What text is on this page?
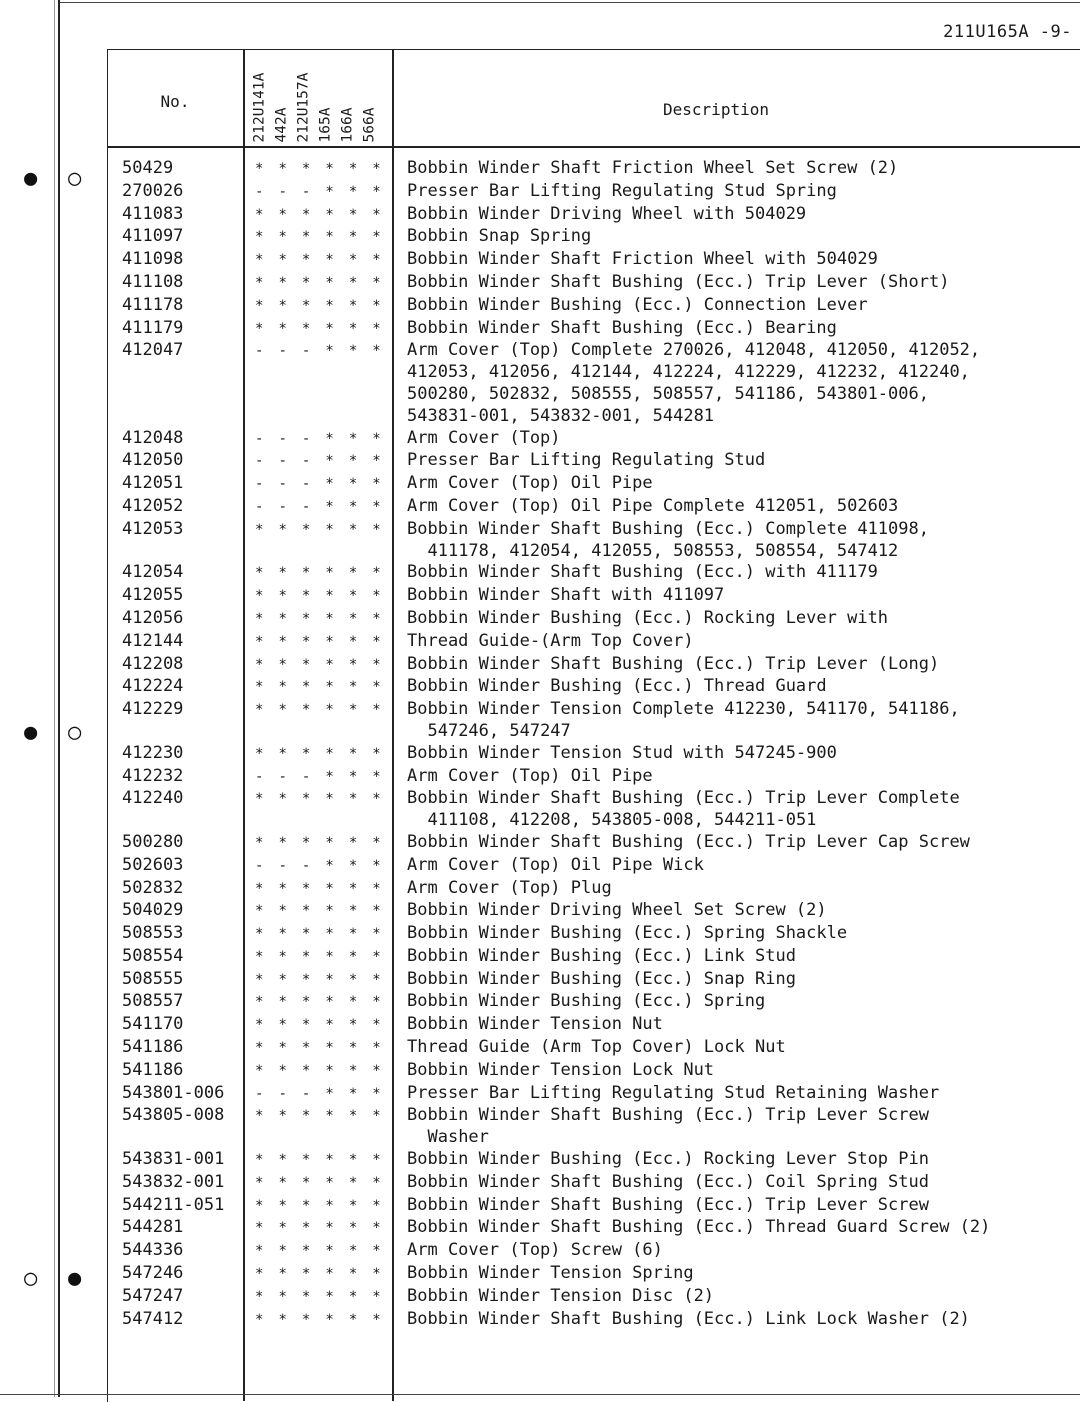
● ○
● ○
○ ●
211U165A -9-
No.	Description
212U141A 442A 212U157A 165A 166A 566A
50429	* * * * * *	Bobbin Winder Shaft Friction Wheel Set Screw (2)
270026	- - - * * *	Presser Bar Lifting Regulating Stud Spring
411083	* * * * * *	Bobbin Winder Driving Wheel with 504029
411097	* * * * * *	Bobbin Snap Spring
411098	* * * * * *	Bobbin Winder Shaft Friction Wheel with 504029
411108	* * * * * *	Bobbin Winder Shaft Bushing (Ecc.) Trip Lever (Short)
411178	* * * * * *	Bobbin Winder Bushing (Ecc.) Connection Lever
411179	* * * * * *	Bobbin Winder Shaft Bushing (Ecc.) Bearing
412047	- - - * * *	Arm Cover (Top) Complete 270026, 412048, 412050, 412052,
412053, 412056, 412144, 412224, 412229, 412232, 412240,
500280, 502832, 508555, 508557, 541186, 543801-006,
543831-001, 543832-001, 544281
412048	- - - * * *	Arm Cover (Top)
412050	- - - * * *	Presser Bar Lifting Regulating Stud
412051	- - - * * *	Arm Cover (Top) Oil Pipe
412052	- - - * * *	Arm Cover (Top) Oil Pipe Complete 412051, 502603
412053	* * * * * *	Bobbin Winder Shaft Bushing (Ecc.) Complete 411098,
411178, 412054, 412055, 508553, 508554, 547412
412054	* * * * * *	Bobbin Winder Shaft Bushing (Ecc.) with 411179
412055	* * * * * *	Bobbin Winder Shaft with 411097
412056	* * * * * *	Bobbin Winder Bushing (Ecc.) Rocking Lever with
412144	* * * * * *	Thread Guide-(Arm Top Cover)
412208	* * * * * *	Bobbin Winder Shaft Bushing (Ecc.) Trip Lever (Long)
412224	* * * * * *	Bobbin Winder Bushing (Ecc.) Thread Guard
412229	* * * * * *	Bobbin Winder Tension Complete 412230, 541170, 541186,
547246, 547247
412230	* * * * * *	Bobbin Winder Tension Stud with 547245-900
412232	- - - * * *	Arm Cover (Top) Oil Pipe
412240	* * * * * *	Bobbin Winder Shaft Bushing (Ecc.) Trip Lever Complete
411108, 412208, 543805-008, 544211-051
500280	* * * * * *	Bobbin Winder Shaft Bushing (Ecc.) Trip Lever Cap Screw
502603	- - - * * *	Arm Cover (Top) Oil Pipe Wick
502832	* * * * * *	Arm Cover (Top) Plug
504029	* * * * * *	Bobbin Winder Driving Wheel Set Screw (2)
508553	* * * * * *	Bobbin Winder Bushing (Ecc.) Spring Shackle
508554	* * * * * *	Bobbin Winder Bushing (Ecc.) Link Stud
508555	* * * * * *	Bobbin Winder Bushing (Ecc.) Snap Ring
508557	* * * * * *	Bobbin Winder Bushing (Ecc.) Spring
541170	* * * * * *	Bobbin Winder Tension Nut
541186	* * * * * *	Thread Guide (Arm Top Cover) Lock Nut
541186	* * * * * *	Bobbin Winder Tension Lock Nut
543801-006	- - - * * *	Presser Bar Lifting Regulating Stud Retaining Washer
543805-008	* * * * * *	Bobbin Winder Shaft Bushing (Ecc.) Trip Lever Screw
Washer
543831-001	* * * * * *	Bobbin Winder Bushing (Ecc.) Rocking Lever Stop Pin
543832-001	* * * * * *	Bobbin Winder Shaft Bushing (Ecc.) Coil Spring Stud
544211-051	* * * * * *	Bobbin Winder Shaft Bushing (Ecc.) Trip Lever Screw
544281	* * * * * *	Bobbin Winder Shaft Bushing (Ecc.) Thread Guard Screw (2)
544336	* * * * * *	Arm Cover (Top) Screw (6)
547246	* * * * * *	Bobbin Winder Tension Spring
547247	* * * * * *	Bobbin Winder Tension Disc (2)
547412	* * * * * *	Bobbin Winder Shaft Bushing (Ecc.) Link Lock Washer (2)
